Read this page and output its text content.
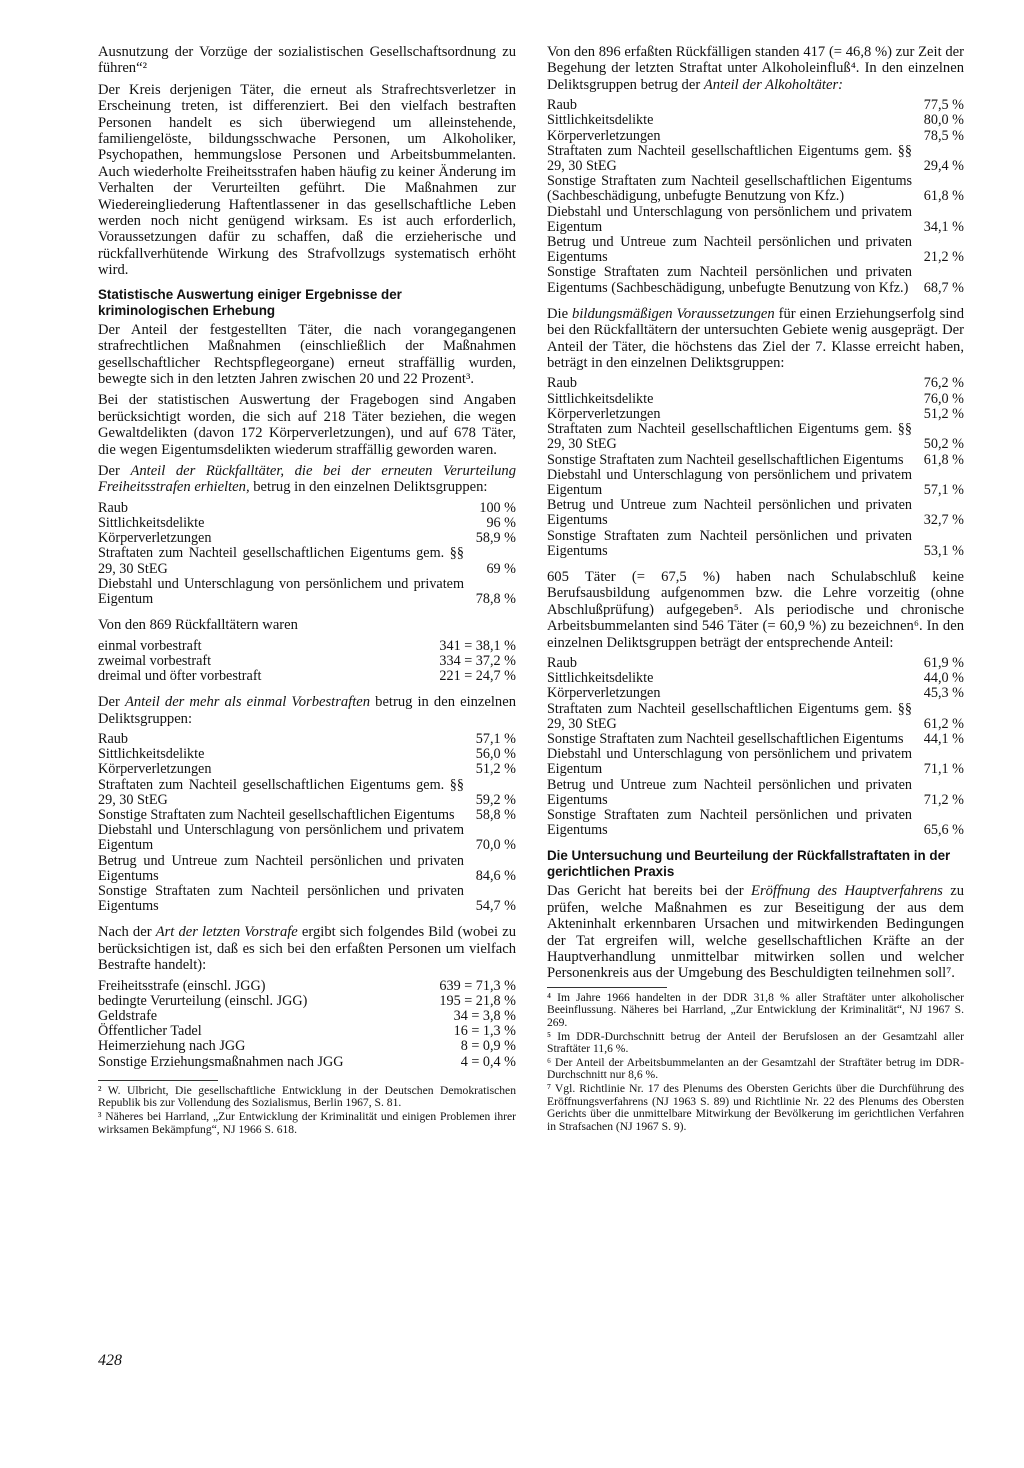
Ausnutzung der Vorzüge der sozialistischen Gesellschaftsordnung zu führen“²

Der Kreis derjenigen Täter, die erneut als Strafrechtsverletzer in Erscheinung treten, ist differenziert. Bei den vielfach bestraften Personen handelt es sich überwiegend um alleinstehende, familiengelöste, bildungsschwache Personen, um Alkoholiker, Psychopathen, hemmungslose Personen und Arbeitsbummelanten. Auch wiederholte Freiheitsstrafen haben häufig zu keiner Änderung im Verhalten der Verurteilten geführt. Die Maßnahmen zur Wiedereingliederung Haftentlassener in das gesellschaftliche Leben werden noch nicht genügend wirksam. Es ist auch erforderlich, Voraussetzungen dafür zu schaffen, daß die erzieherische und rückfallverhütende Wirkung des Strafvollzugs systematisch erhöht wird.

Statistische Auswertung einiger Ergebnisse der kriminologischen Erhebung

Der Anteil der festgestellten Täter, die nach vorangegangenen strafrechtlichen Maßnahmen (einschließlich der Maßnahmen gesellschaftlicher Rechtspflegeorgane) erneut straffällig wurden, bewegte sich in den letzten Jahren zwischen 20 und 22 Prozent³.

Bei der statistischen Auswertung der Fragebogen sind Angaben berücksichtigt worden, die sich auf 218 Täter beziehen, die wegen Gewaltdelikten (davon 172 Körperverletzungen), und auf 678 Täter, die wegen Eigentumsdelikten wiederum straffällig geworden waren.

Der Anteil der Rückfalltäter, die bei der erneuten Verurteilung Freiheitsstrafen erhielten, betrug in den einzelnen Deliktsgruppen:

Raub	100 %
Sittlichkeitsdelikte	96 %
Körperverletzungen	58,9 %
Straftaten zum Nachteil gesellschaftlichen Eigentums gem. §§ 29, 30 StEG	69 %
Diebstahl und Unterschlagung von persönlichem und privatem Eigentum	78,8 %

Von den 869 Rückfalltätern waren

einmal vorbestraft	341 = 38,1 %
zweimal vorbestraft	334 = 37,2 %
dreimal und öfter vorbestraft	221 = 24,7 %

Der Anteil der mehr als einmal Vorbestraften betrug in den einzelnen Deliktsgruppen:

Raub	57,1 %
Sittlichkeitsdelikte	56,0 %
Körperverletzungen	51,2 %
Straftaten zum Nachteil gesellschaftlichen Eigentums gem. §§ 29, 30 StEG	59,2 %
Sonstige Straftaten zum Nachteil gesellschaftlichen Eigentums	58,8 %
Diebstahl und Unterschlagung von persönlichem und privatem Eigentum	70,0 %
Betrug und Untreue zum Nachteil persönlichen und privaten Eigentums	84,6 %
Sonstige Straftaten zum Nachteil persönlichen und privaten Eigentums	54,7 %

Nach der Art der letzten Vorstrafe ergibt sich folgendes Bild (wobei zu berücksichtigen ist, daß es sich bei den erfaßten Personen um vielfach Bestrafte handelt):

Freiheitsstrafe (einschl. JGG)	639 = 71,3 %
bedingte Verurteilung (einschl. JGG)	195 = 21,8 %
Geldstrafe	34 = 3,8 %
Öffentlicher Tadel	16 = 1,3 %
Heimerziehung nach JGG	8 = 0,9 %
Sonstige Erziehungsmaßnahmen nach JGG	4 = 0,4 %

² W. Ulbricht, Die gesellschaftliche Entwicklung in der Deutschen Demokratischen Republik bis zur Vollendung des Sozialismus, Berlin 1967, S. 81.

³ Näheres bei Harrland, „Zur Entwicklung der Kriminalität und einigen Problemen ihrer wirksamen Bekämpfung“, NJ 1966 S. 618.

Von den 896 erfaßten Rückfälligen standen 417 (= 46,8 %) zur Zeit der Begehung der letzten Straftat unter Alkoholeinfluß⁴. In den einzelnen Deliktsgruppen betrug der Anteil der Alkoholtäter:

Raub	77,5 %
Sittlichkeitsdelikte	80,0 %
Körperverletzungen	78,5 %
Straftaten zum Nachteil gesellschaftlichen Eigentums gem. §§ 29, 30 StEG	29,4 %
Sonstige Straftaten zum Nachteil gesellschaftlichen Eigentums (Sachbeschädigung, unbefugte Benutzung von Kfz.)	61,8 %
Diebstahl und Unterschlagung von persönlichem und privatem Eigentum	34,1 %
Betrug und Untreue zum Nachteil persönlichen und privaten Eigentums	21,2 %
Sonstige Straftaten zum Nachteil persönlichen und privaten Eigentums (Sachbeschädigung, unbefugte Benutzung von Kfz.)	68,7 %

Die bildungsmäßigen Voraussetzungen für einen Erziehungserfolg sind bei den Rückfalltätern der untersuchten Gebiete wenig ausgeprägt. Der Anteil der Täter, die höchstens das Ziel der 7. Klasse erreicht haben, beträgt in den einzelnen Deliktsgruppen:

Raub	76,2 %
Sittlichkeitsdelikte	76,0 %
Körperverletzungen	51,2 %
Straftaten zum Nachteil gesellschaftlichen Eigentums gem. §§ 29, 30 StEG	50,2 %
Sonstige Straftaten zum Nachteil gesellschaftlichen Eigentums	61,8 %
Diebstahl und Unterschlagung von persönlichem und privatem Eigentum	57,1 %
Betrug und Untreue zum Nachteil persönlichen und privaten Eigentums	32,7 %
Sonstige Straftaten zum Nachteil persönlichen und privaten Eigentums	53,1 %

605 Täter (= 67,5 %) haben nach Schulabschluß keine Berufsausbildung aufgenommen bzw. die Lehre vorzeitig (ohne Abschlußprüfung) aufgegeben⁵. Als periodische und chronische Arbeitsbummelanten sind 546 Täter (= 60,9 %) zu bezeichnen⁶. In den einzelnen Deliktsgruppen beträgt der entsprechende Anteil:

Raub	61,9 %
Sittlichkeitsdelikte	44,0 %
Körperverletzungen	45,3 %
Straftaten zum Nachteil gesellschaftlichen Eigentums gem. §§ 29, 30 StEG	61,2 %
Sonstige Straftaten zum Nachteil gesellschaftlichen Eigentums	44,1 %
Diebstahl und Unterschlagung von persönlichem und privatem Eigentum	71,1 %
Betrug und Untreue zum Nachteil persönlichen und privaten Eigentums	71,2 %
Sonstige Straftaten zum Nachteil persönlichen und privaten Eigentums	65,6 %
Die Untersuchung und Beurteilung der Rückfallstraftaten in der gerichtlichen Praxis

Das Gericht hat bereits bei der Eröffnung des Hauptverfahrens zu prüfen, welche Maßnahmen es zur Beseitigung der aus dem Akteninhalt erkennbaren Ursachen und mitwirkenden Bedingungen der Tat ergreifen will, welche gesellschaftlichen Kräfte an der Hauptverhandlung unmittelbar mitwirken sollen und welcher Personenkreis aus der Umgebung des Beschuldigten teilnehmen soll⁷.

⁴ Im Jahre 1966 handelten in der DDR 31,8 % aller Straftäter unter alkoholischer Beeinflussung. Näheres bei Harrland, „Zur Entwicklung der Kriminalität“, NJ 1967 S. 269.

⁵ Im DDR-Durchschnitt betrug der Anteil der Berufslosen an der Gesamtzahl aller Straftäter 11,6 %.

⁶ Der Anteil der Arbeitsbummelanten an der Gesamtzahl der Straftäter betrug im DDR-Durchschnitt nur 8,6 %.

⁷ Vgl. Richtlinie Nr. 17 des Plenums des Obersten Gerichts über die Durchführung des Eröffnungsverfahrens (NJ 1963 S. 89) und Richtlinie Nr. 22 des Plenums des Obersten Gerichts über die unmittelbare Mitwirkung der Bevölkerung im gerichtlichen Verfahren in Strafsachen (NJ 1967 S. 9).

428
